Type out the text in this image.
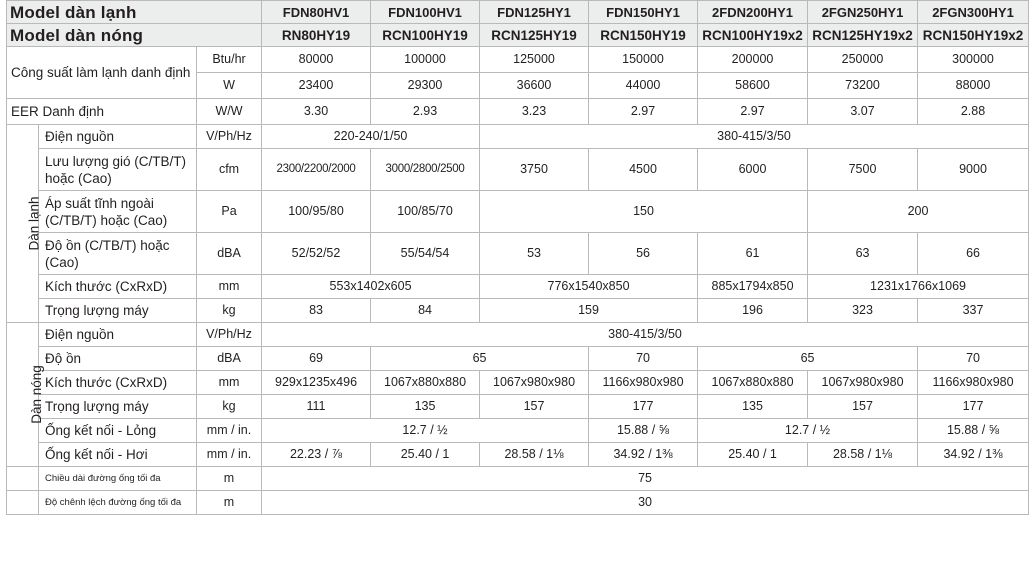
Model dàn lạnh			FDN80HV1	FDN100HV1	FDN125HY1	FDN150HY1	2FDN200HY1	2FGN250HY1	2FGN300HY1
Model dàn nóng			RN80HY19	RCN100HY19	RCN125HY19	RCN150HY19	RCN100HY19x2	RCN125HY19x2	RCN150HY19x2
Công suất làm lạnh danh định		Btu/hr	80000	100000	125000	150000	200000	250000	300000
		W	23400	29300	36600	44000	58600	73200	88000
EER Danh định		W/W	3.30	2.93	3.23	2.97	2.97	3.07	2.88
Dàn lạnh	Điện nguồn	V/Ph/Hz	220-240/1/50		380-415/3/50				
	Lưu lượng gió (C/TB/T) hoặc (Cao)	cfm	2300/2200/2000	3000/2800/2500	3750	4500	6000	7500	9000
	Áp suất tĩnh ngoài (C/TB/T) hoặc (Cao)	Pa	100/95/80	100/85/70	150			200	
	Độ ồn (C/TB/T) hoặc (Cao)	dBA	52/52/52	55/54/54	53	56	61	63	66
	Kích thước (CxRxD)	mm	553x1402x605		776x1540x850		885x1794x850	1231x1766x1069	
	Trọng lượng máy	kg	83	84	159		196	323	337
Dàn nóng	Điện nguồn	V/Ph/Hz	380-415/3/50						
	Độ ồn	dBA	69	65		70	65		70
	Kích thước (CxRxD)	mm	929x1235x496	1067x880x880	1067x980x980	1166x980x980	1067x880x880	1067x980x980	1166x980x980
	Trọng lượng máy	kg	111	135	157	177	135	157	177
	Ống kết nối - Lỏng	mm / in.	12.7 / ½			15.88 / ⅝	12.7 / ½		15.88 / ⅝
	Ống kết nối - Hơi	mm / in.	22.23 / ⅞	25.40 / 1	28.58 / 1⅛	34.92 / 1⅜	25.40 / 1	28.58 / 1⅛	34.92 / 1⅜
	Chiều dài đường ống tối đa	m	75						
	Độ chênh lệch đường ống tối đa	m	30						
